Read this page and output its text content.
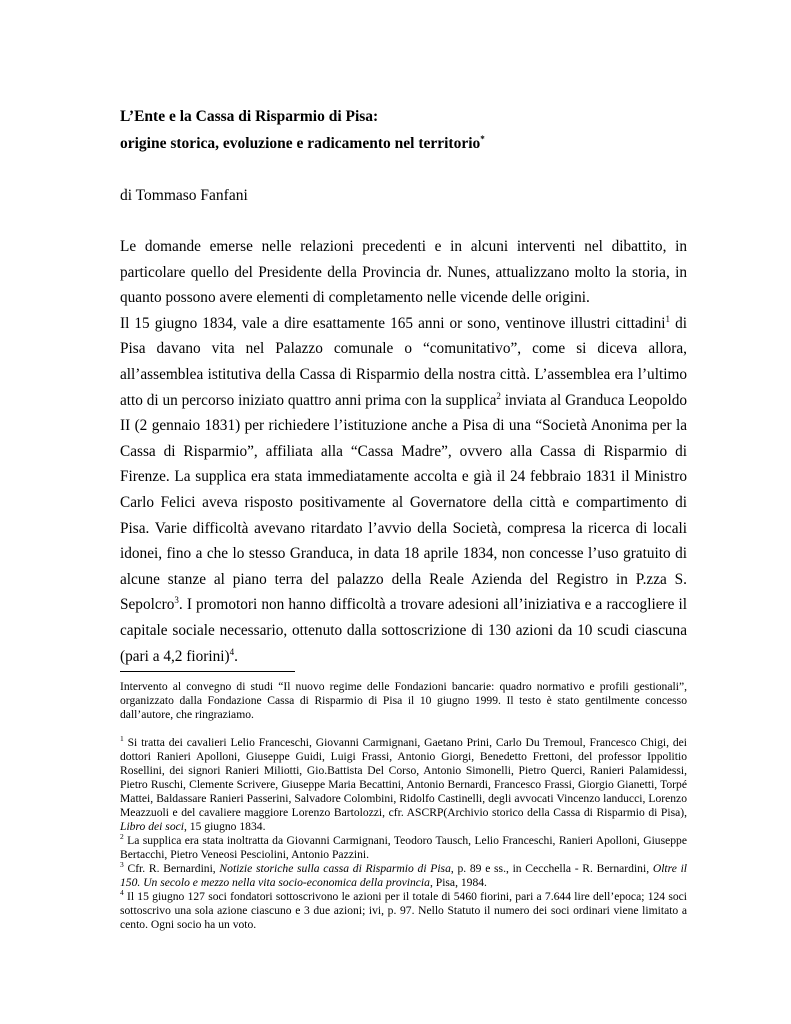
L’Ente e la Cassa di Risparmio di Pisa:
origine storica, evoluzione e radicamento nel territorio*
di Tommaso Fanfani

Le domande emerse nelle relazioni precedenti e in alcuni interventi nel dibattito, in particolare quello del Presidente della Provincia dr. Nunes, attualizzano molto la storia, in quanto possono avere elementi di completamento nelle vicende delle origini.

Il 15 giugno 1834, vale a dire esattamente 165 anni or sono, ventinove illustri cittadini$^1$ di Pisa davano vita nel Palazzo comunale o “comunitativo”, come si diceva allora, all’assemblea istitutiva della Cassa di Risparmio della nostra città. L’assemblea era l’ultimo atto di un percorso iniziato quattro anni prima con la supplica$^2$ inviata al Granduca Leopoldo II (2 gennaio 1831) per richiedere l’istituzione anche a Pisa di una “Società Anonima per la Cassa di Risparmio”, affiliata alla “Cassa Madre”, ovvero alla Cassa di Risparmio di Firenze. La supplica era stata immediatamente accolta e già il 24 febbraio 1831 il Ministro Carlo Felici aveva risposto positivamente al Governatore della città e compartimento di Pisa. Varie difficoltà avevano ritardato l’avvio della Società, compresa la ricerca di locali idonei, fino a che lo stesso Granduca, in data 18 aprile 1834, non concesse l’uso gratuito di alcune stanze al piano terra del palazzo della Reale Azienda del Registro in P.zza S. Sepolcro$^3$. I promotori non hanno difficoltà a trovare adesioni all’iniziativa e a raccogliere il capitale sociale necessario, ottenuto dalla sottoscrizione di 130 azioni da 10 scudi ciascuna (pari a 4,2 fiorini)$^4$.

Intervento al convegno di studi “Il nuovo regime delle Fondazioni bancarie: quadro normativo e profili gestionali”, organizzato dalla Fondazione Cassa di Risparmio di Pisa il 10 giugno 1999. Il testo è stato gentilmente concesso dall’autore, che ringraziamo.

$^1$ Si tratta dei cavalieri Lelio Franceschi, Giovanni Carmignani, Gaetano Prini, Carlo Du Tremoul, Francesco Chigi, dei dottori Ranieri Apolloni, Giuseppe Guidi, Luigi Frassi, Antonio Giorgi, Benedetto Frettoni, del professor Ippolitio Rosellini, dei signori Ranieri Miliotti, Gio.Battista Del Corso, Antonio Simonelli, Pietro Querci, Ranieri Palamidessi, Pietro Ruschi, Clemente Scrivere, Giuseppe Maria Becattini, Antonio Bernardi, Francesco Frassi, Giorgio Gianetti, Torpé Mattei, Baldassare Ranieri Passerini, Salvadore Colombini, Ridolfo Castinelli, degli avvocati Vincenzo landucci, Lorenzo Meazzuoli e del cavaliere maggiore Lorenzo Bartolozzi, cfr. ASCRP(Archivio storico della Cassa di Risparmio di Pisa), Libro dei soci, 15 giugno 1834.

$^2$ La supplica era stata inoltratta da Giovanni Carmignani, Teodoro Tausch, Lelio Franceschi, Ranieri Apolloni, Giuseppe Bertacchi, Pietro Veneosi Pesciolini, Antonio Pazzini.

$^3$ Cfr. R. Bernardini, Notizie storiche sulla cassa di Risparmio di Pisa, p. 89 e ss., in Cecchella - R. Bernardini, Oltre il 150. Un secolo e mezzo nella vita socio-economica della provincia, Pisa, 1984.

$^4$ Il 15 giugno 127 soci fondatori sottoscrivono le azioni per il totale di 5460 fiorini, pari a 7.644 lire dell’epoca; 124 soci sottoscrivo una sola azione ciascuno e 3 due azioni; ivi, p. 97. Nello Statuto il numero dei soci ordinari viene limitato a cento. Ogni socio ha un voto.
